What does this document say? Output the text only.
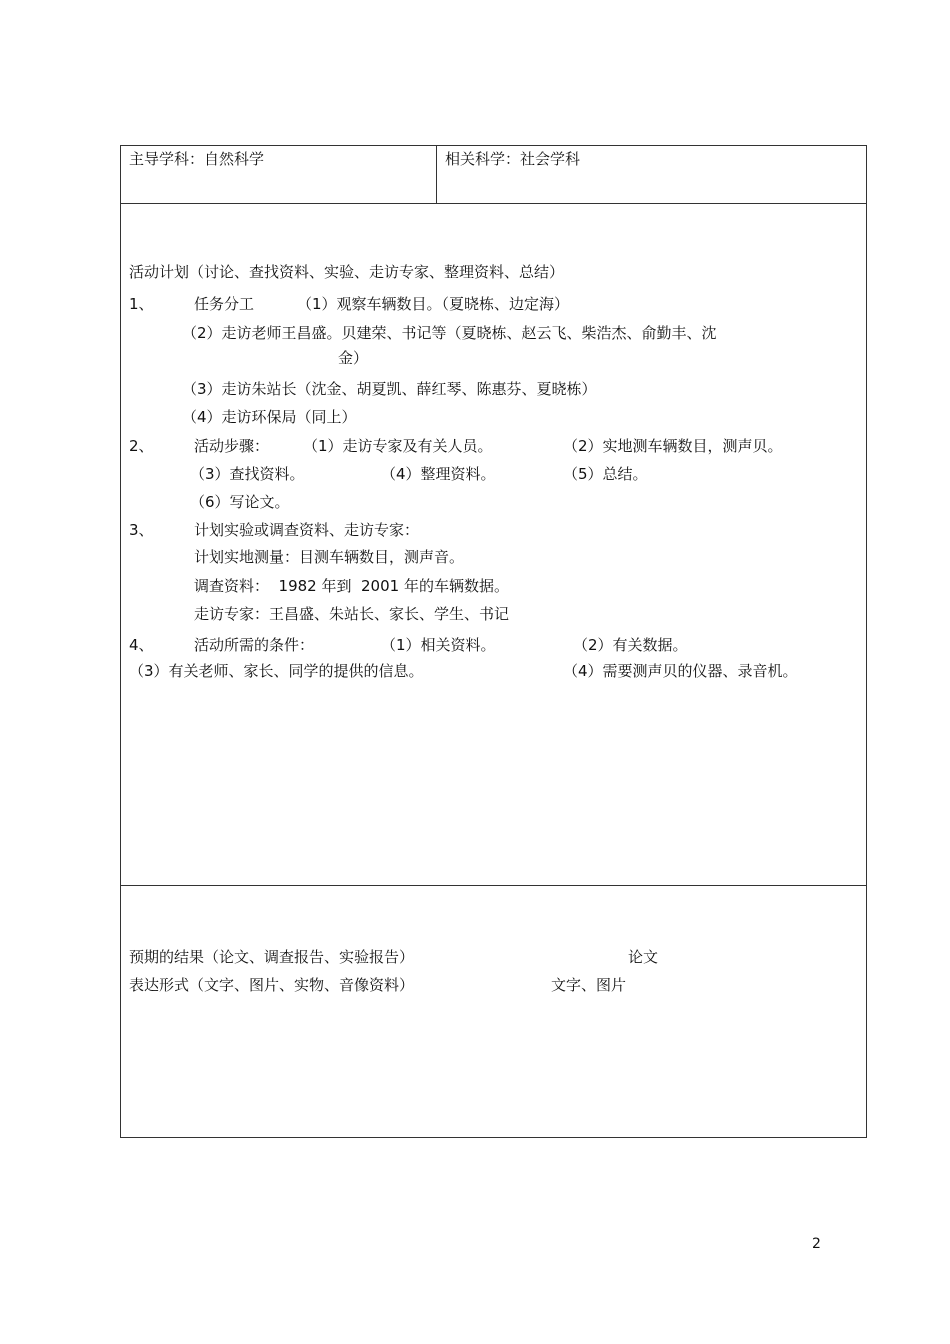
主导学科：自然科学	相关科学：社会学科
活动计划（讨论、查找资料、实验、走访专家、整理资料、总结）
1、	任务分工	（1）观察车辆数目。（夏晓栋、边定海）
（2）走访老师王昌盛。贝建荣、书记等（夏晓栋、赵云飞、柴浩杰、俞勤丰、沈
金）
（3）走访朱站长（沈金、胡夏凯、薛红琴、陈惠芬、夏晓栋）
（4）走访环保局（同上）
2、	活动步骤： （1）走访专家及有关人员。	（2）实地测车辆数目，测声贝。
（3）查找资料。	（4）整理资料。	（5）总结。
（6）写论文。
3、	计划实验或调查资料、走访专家：
计划实地测量：目测车辆数目，测声音。
调查资料：  1982 年到  2001 年的车辆数据。
走访专家：王昌盛、朱站长、家长、学生、书记
4、	活动所需的条件：	（1）相关资料。	（2）有关数据。
（3）有关老师、家长、同学的提供的信息。	（4）需要测声贝的仪器、录音机。
预期的结果（论文、调查报告、实验报告）	论文
表达形式（文字、图片、实物、音像资料）	文字、图片
2
